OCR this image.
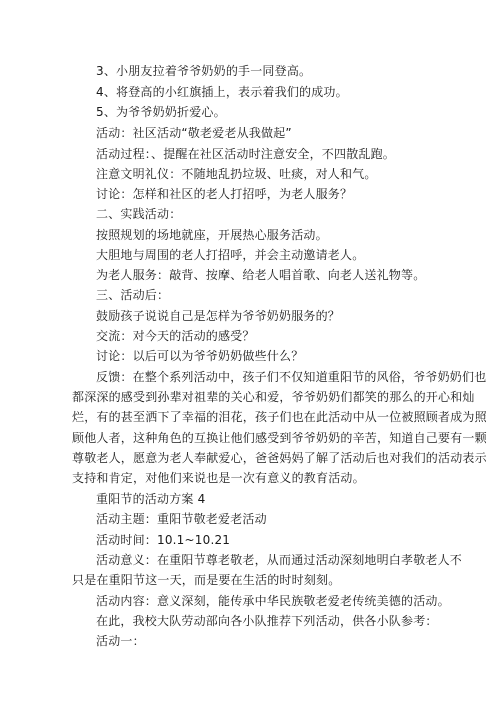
3、小朋友拉着爷爷奶奶的手一同登高。
4、将登高的小红旗插上，表示着我们的成功。
5、为爷爷奶奶折爱心。
活动：社区活动“敬老爱老从我做起”
活动过程：、提醒在社区活动时注意安全，不四散乱跑。
注意文明礼仪：不随地乱扔垃圾、吐痰，对人和气。
讨论：怎样和社区的老人打招呼，为老人服务？
二、实践活动：
按照规划的场地就座，开展热心服务活动。
大胆地与周围的老人打招呼，并会主动邀请老人。
为老人服务：敲背、按摩、给老人唱首歌、向老人送礼物等。
三、活动后：
鼓励孩子说说自己是怎样为爷爷奶奶服务的？
交流：对今天的活动的感受？
讨论：以后可以为爷爷奶奶做些什么？
反馈：在整个系列活动中，孩子们不仅知道重阳节的风俗，爷爷奶奶们也
都深深的感受到孙辈对祖辈的关心和爱，爷爷奶奶们都笑的那么的开心和灿
烂，有的甚至洒下了幸福的泪花，孩子们也在此活动中从一位被照顾者成为照
顾他人者，这种角色的互换让他们感受到爷爷奶奶的辛苦，知道自己要有一颗
尊敬老人，愿意为老人奉献爱心，爸爸妈妈了解了活动后也对我们的活动表示
支持和肯定，对他们来说也是一次有意义的教育活动。
重阳节的活动方案 4
活动主题：重阳节敬老爱老活动
活动时间：10.1~10.21
活动意义：在重阳节尊老敬老，从而通过活动深刻地明白孝敬老人不
只是在重阳节这一天，而是要在生活的时时刻刻。
活动内容：意义深刻，能传承中华民族敬老爱老传统美德的活动。
在此，我校大队劳动部向各小队推荐下列活动，供各小队参考：
活动一：
